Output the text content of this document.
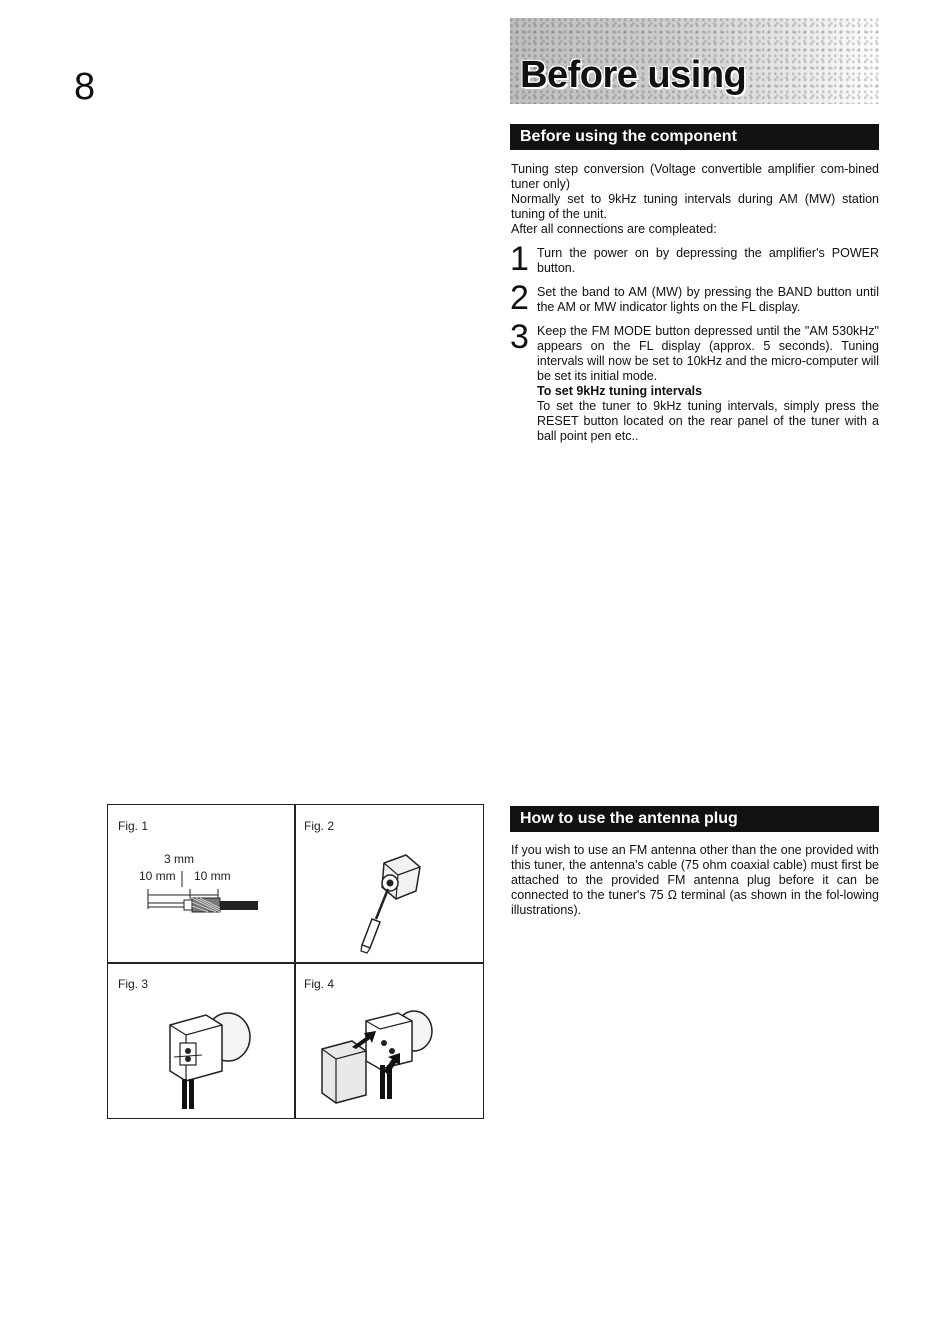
8	Before using
Before using the component

Tuning step conversion (Voltage convertible amplifier com-bined tuner only)

Normally set to 9kHz tuning intervals during AM (MW) station tuning of the unit.

After all connections are compleated:

1 Turn the power on by depressing the amplifier's POWER button.

2 Set the band to AM (MW) by pressing the BAND button until the AM or MW indicator lights on the FL display.

3 Keep the FM MODE button depressed until the "AM 530kHz" appears on the FL display (approx. 5 seconds). Tuning intervals will now be set to 10kHz and the micro-computer will be set its initial mode.

To set 9kHz tuning intervals

To set the tuner to 9kHz tuning intervals, simply press the RESET button located on the rear panel of the tuner with a ball point pen etc..

How to use the antenna plug

If you wish to use an FM antenna other than the one provided with this tuner, the antenna's cable (75 ohm coaxial cable) must first be attached to the provided FM antenna plug before it can be connected to the tuner's 75 Ω terminal (as shown in the fol-lowing illustrations).

Fig. 1
3 mm
10 mm 10 mm
Fig. 2
Fig. 3	Fig. 4
